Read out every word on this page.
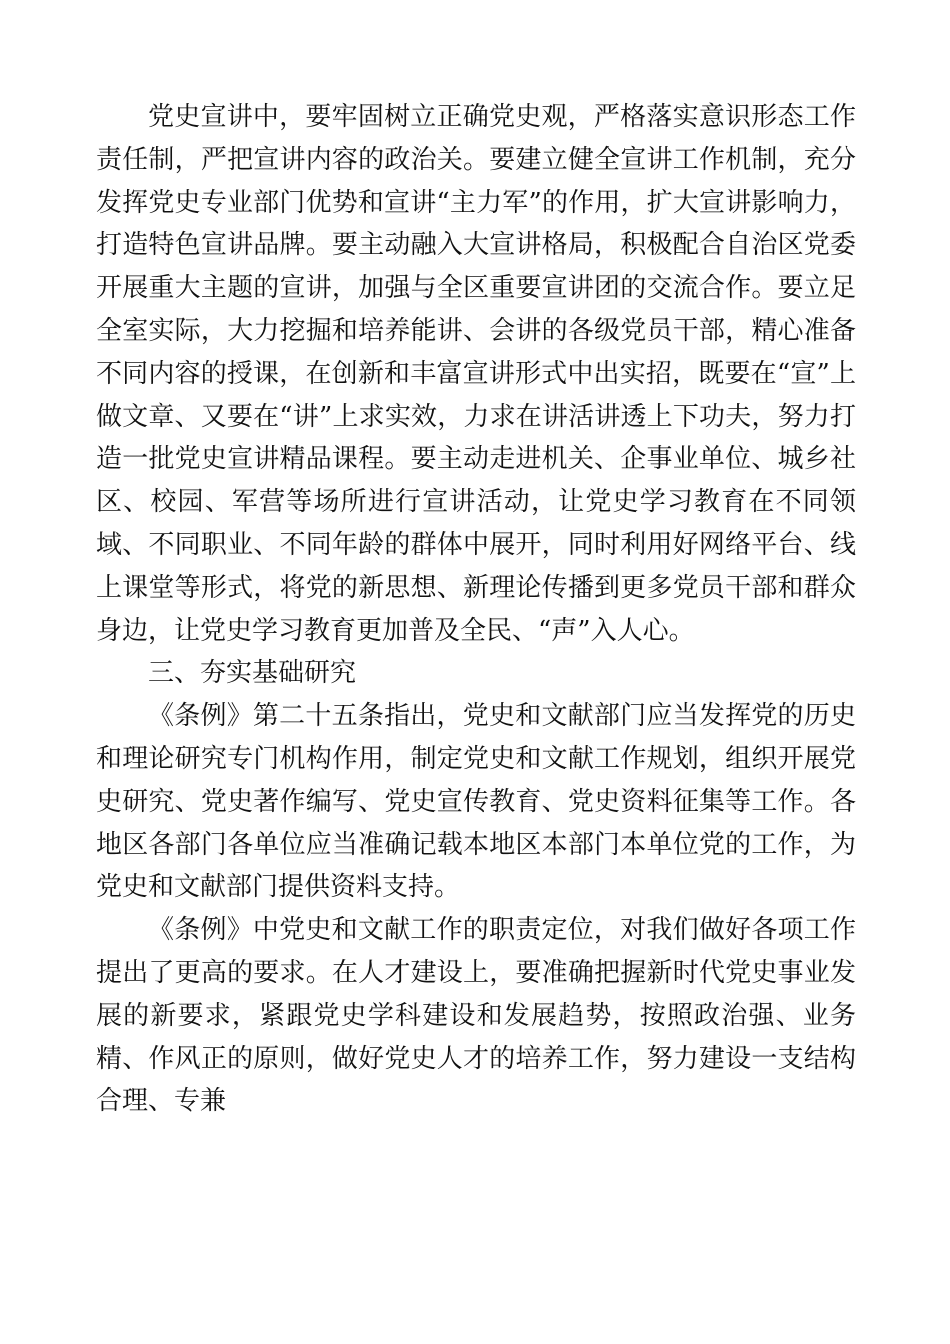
党史宣讲中，要牢固树立正确党史观，严格落实意识形态工作责任制，严把宣讲内容的政治关。要建立健全宣讲工作机制，充分发挥党史专业部门优势和宣讲“主力军”的作用，扩大宣讲影响力，打造特色宣讲品牌。要主动融入大宣讲格局，积极配合自治区党委开展重大主题的宣讲，加强与全区重要宣讲团的交流合作。要立足全室实际，大力挖掘和培养能讲、会讲的各级党员干部，精心准备不同内容的授课，在创新和丰富宣讲形式中出实招，既要在“宣”上做文章、又要在“讲”上求实效，力求在讲活讲透上下功夫，努力打造一批党史宣讲精品课程。要主动走进机关、企事业单位、城乡社区、校园、军营等场所进行宣讲活动，让党史学习教育在不同领域、不同职业、不同年龄的群体中展开，同时利用好网络平台、线上课堂等形式，将党的新思想、新理论传播到更多党员干部和群众身边，让党史学习教育更加普及全民、“声”入人心。

三、夯实基础研究

《条例》第二十五条指出，党史和文献部门应当发挥党的历史和理论研究专门机构作用，制定党史和文献工作规划，组织开展党史研究、党史著作编写、党史宣传教育、党史资料征集等工作。各地区各部门各单位应当准确记载本地区本部门本单位党的工作，为党史和文献部门提供资料支持。

《条例》中党史和文献工作的职责定位，对我们做好各项工作提出了更高的要求。在人才建设上，要准确把握新时代党史事业发展的新要求，紧跟党史学科建设和发展趋势，按照政治强、业务精、作风正的原则，做好党史人才的培养工作，努力建设一支结构合理、专兼
